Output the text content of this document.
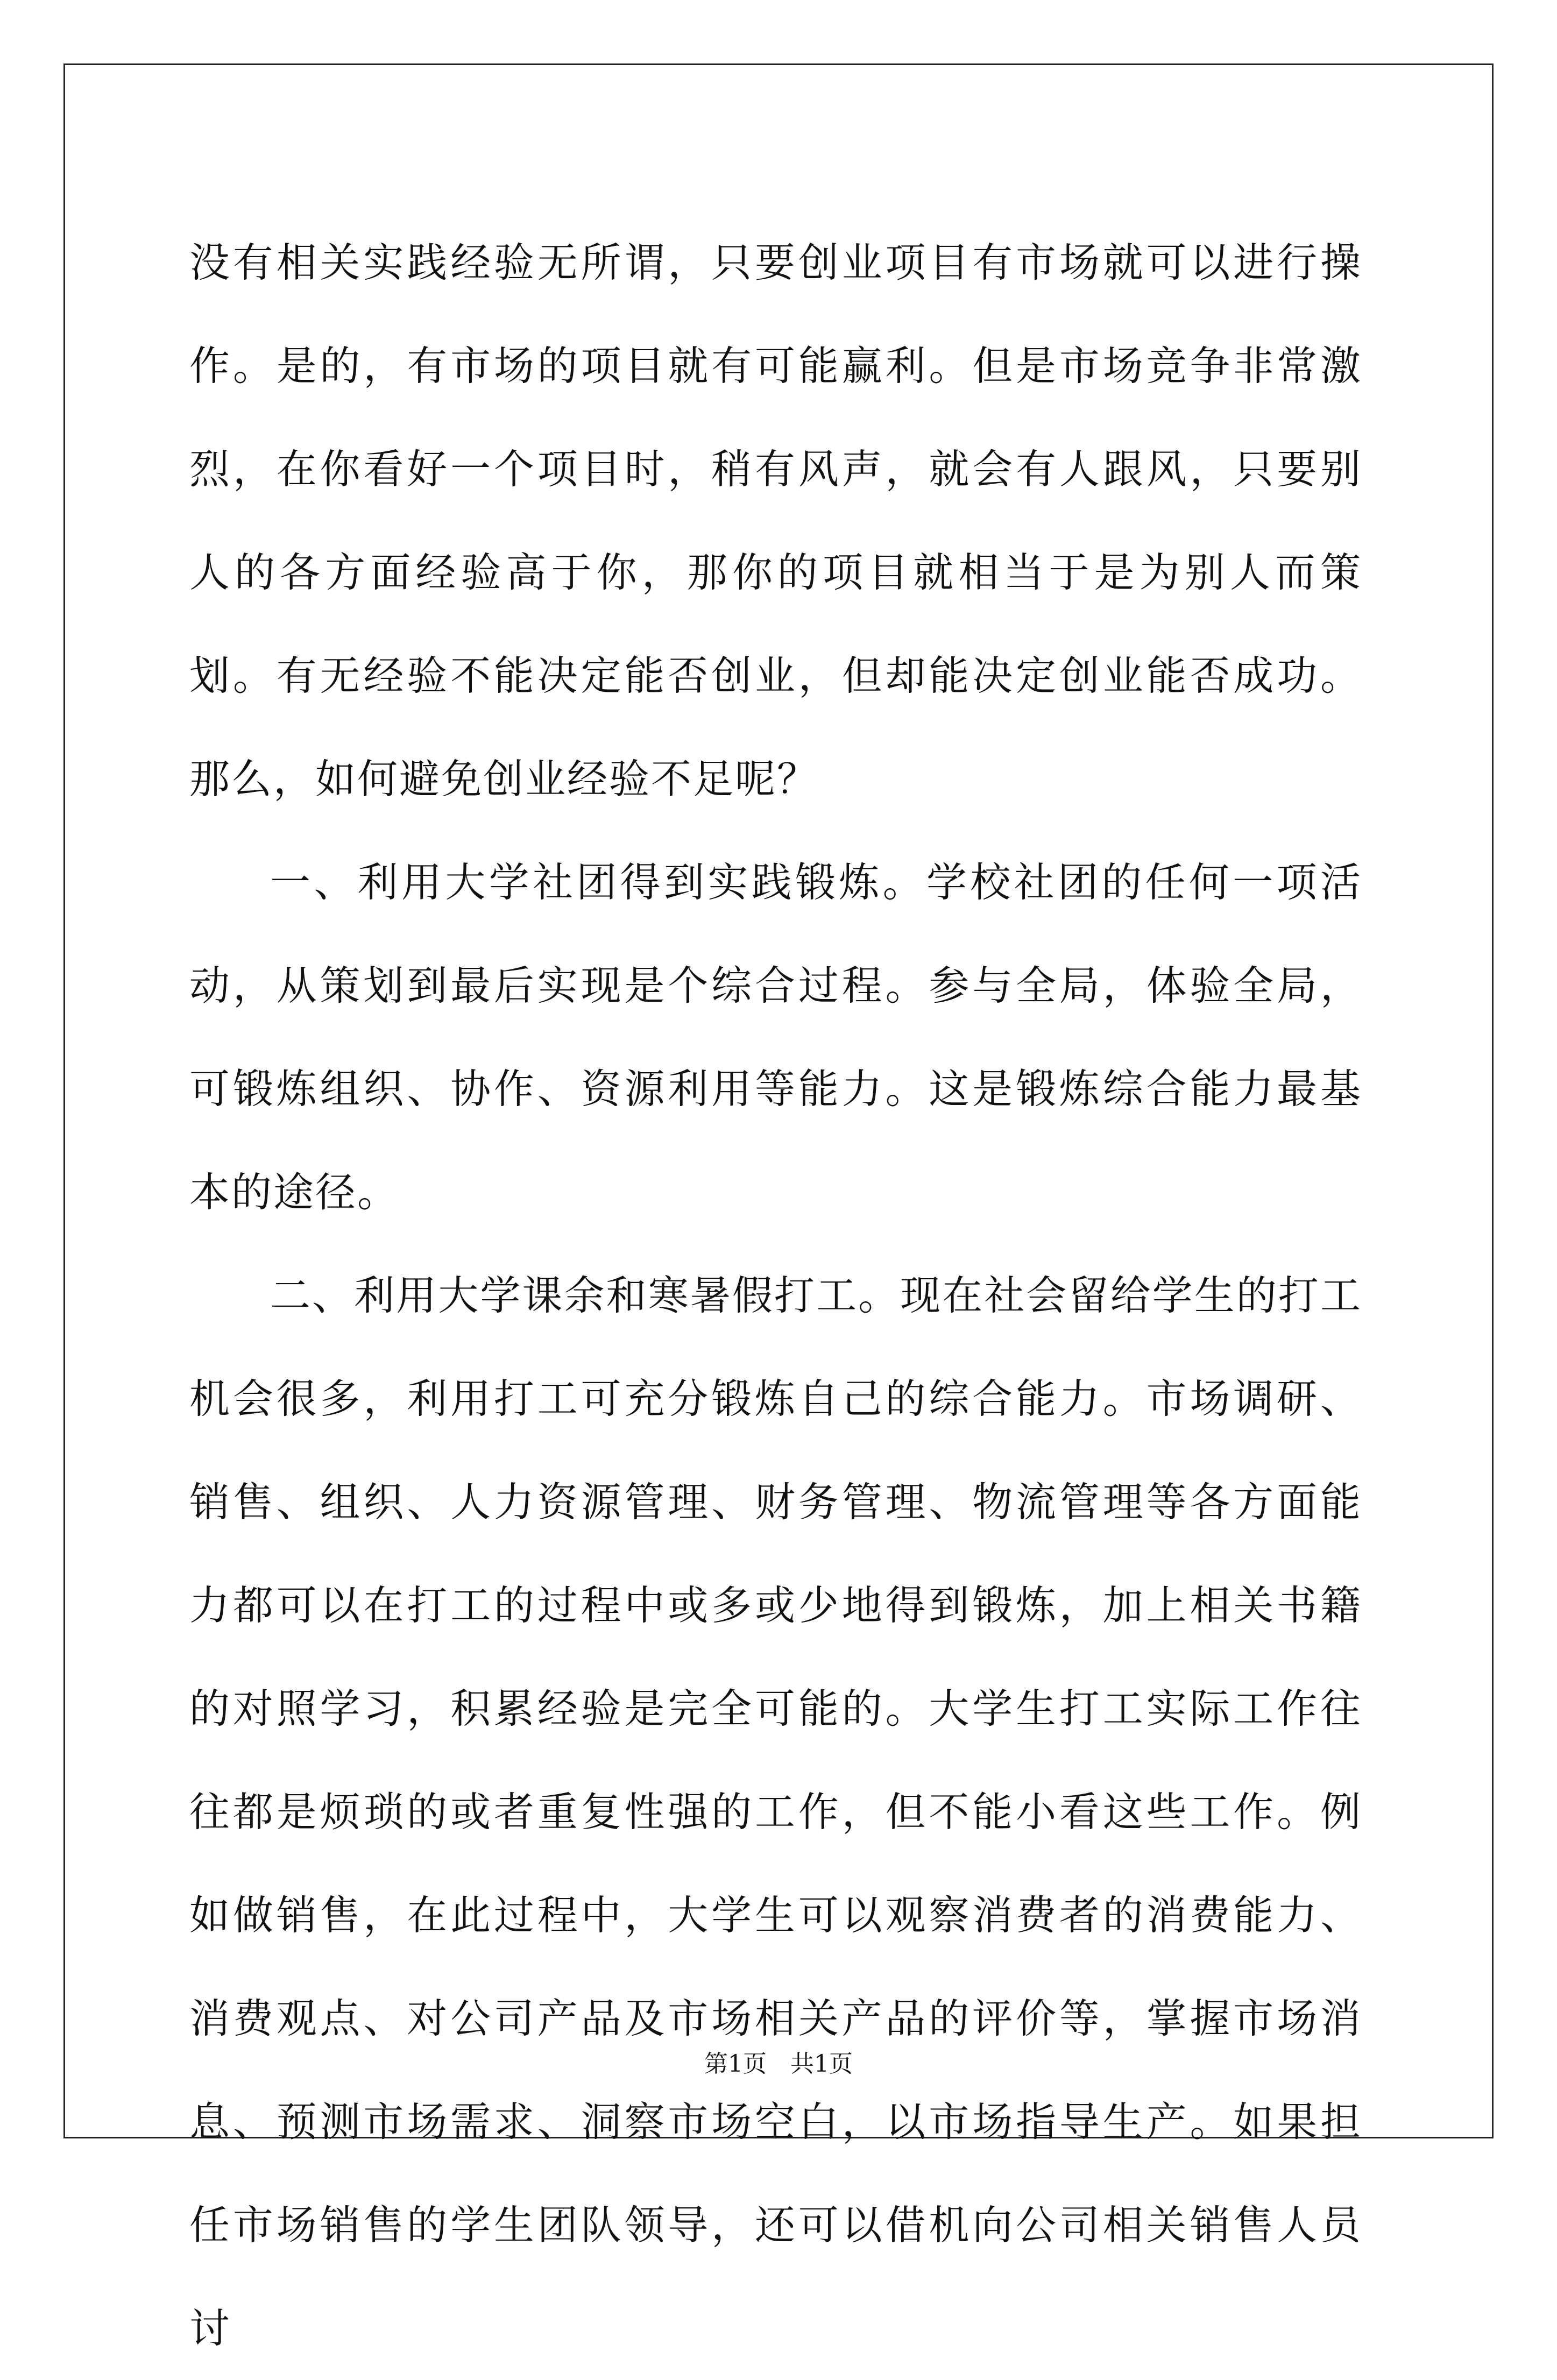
没有相关实践经验无所谓，只要创业项目有市场就可以进行操作。是的，有市场的项目就有可能赢利。但是市场竞争非常激烈，在你看好一个项目时，稍有风声，就会有人跟风，只要别人的各方面经验高于你，那你的项目就相当于是为别人而策划。有无经验不能决定能否创业，但却能决定创业能否成功。那么，如何避免创业经验不足呢？

一、利用大学社团得到实践锻炼。学校社团的任何一项活动，从策划到最后实现是个综合过程。参与全局，体验全局，可锻炼组织、协作、资源利用等能力。这是锻炼综合能力最基本的途径。

二、利用大学课余和寒暑假打工。现在社会留给学生的打工机会很多，利用打工可充分锻炼自己的综合能力。市场调研、销售、组织、人力资源管理、财务管理、物流管理等各方面能力都可以在打工的过程中或多或少地得到锻炼，加上相关书籍的对照学习，积累经验是完全可能的。大学生打工实际工作往往都是烦琐的或者重复性强的工作，但不能小看这些工作。例如做销售，在此过程中，大学生可以观察消费者的消费能力、消费观点、对公司产品及市场相关产品的评价等，掌握市场消息、预测市场需求、洞察市场空白，以市场指导生产。如果担任市场销售的学生团队领导，还可以借机向公司相关销售人员讨

第1页 共1页
